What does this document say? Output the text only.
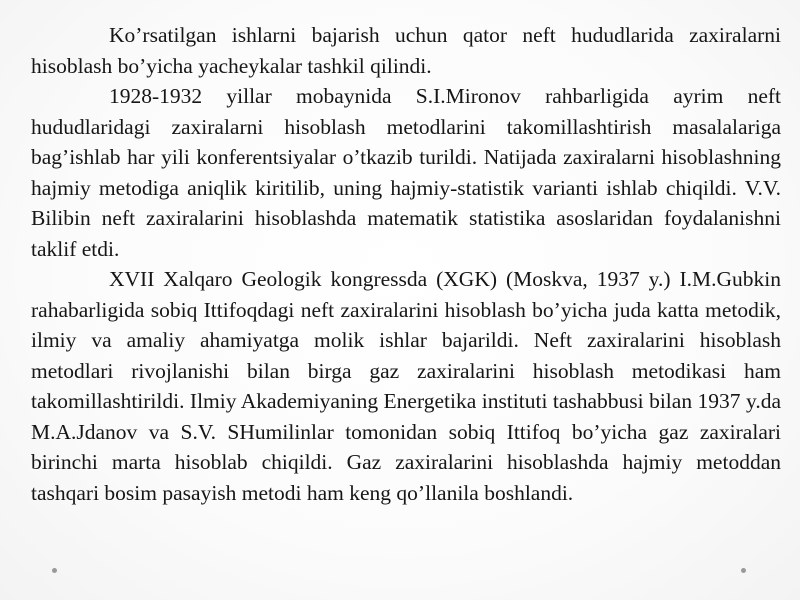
Ko’rsatilgan ishlarni bajarish uchun qator neft hududlarida zaxiralarni hisoblash bo’yicha yacheykalar tashkil qilindi.

1928-1932 yillar mobaynida S.I.Mironov rahbarligida ayrim neft hududlaridagi zaxiralarni hisoblash metodlarini takomillashtirish masalalariga bag’ishlab har yili konferentsiyalar o’tkazib turildi. Natijada zaxiralarni hisoblashning hajmiy metodiga aniqlik kiritilib, uning hajmiy-statistik varianti ishlab chiqildi. V.V. Bilibin neft zaxiralarini hisoblashda matematik statistika asoslaridan foydalanishni taklif etdi.

XVII Xalqaro Geologik kongressda (XGK) (Moskva, 1937 y.) I.M.Gubkin rahabarligida sobiq Ittifoqdagi neft zaxiralarini hisoblash bo’yicha juda katta metodik, ilmiy va amaliy ahamiyatga molik ishlar bajarildi. Neft zaxiralarini hisoblash metodlari rivojlanishi bilan birga gaz zaxiralarini hisoblash metodikasi ham takomillashtirildi. Ilmiy Akademiyaning Energetika instituti tashabbusi bilan 1937 y.da M.A.Jdanov va S.V. SHumilinlar tomonidan sobiq Ittifoq bo’yicha gaz zaxiralari birinchi marta hisoblab chiqildi. Gaz zaxiralarini hisoblashda hajmiy metoddan tashqari bosim pasayish metodi ham keng qo’llanila boshlandi.
